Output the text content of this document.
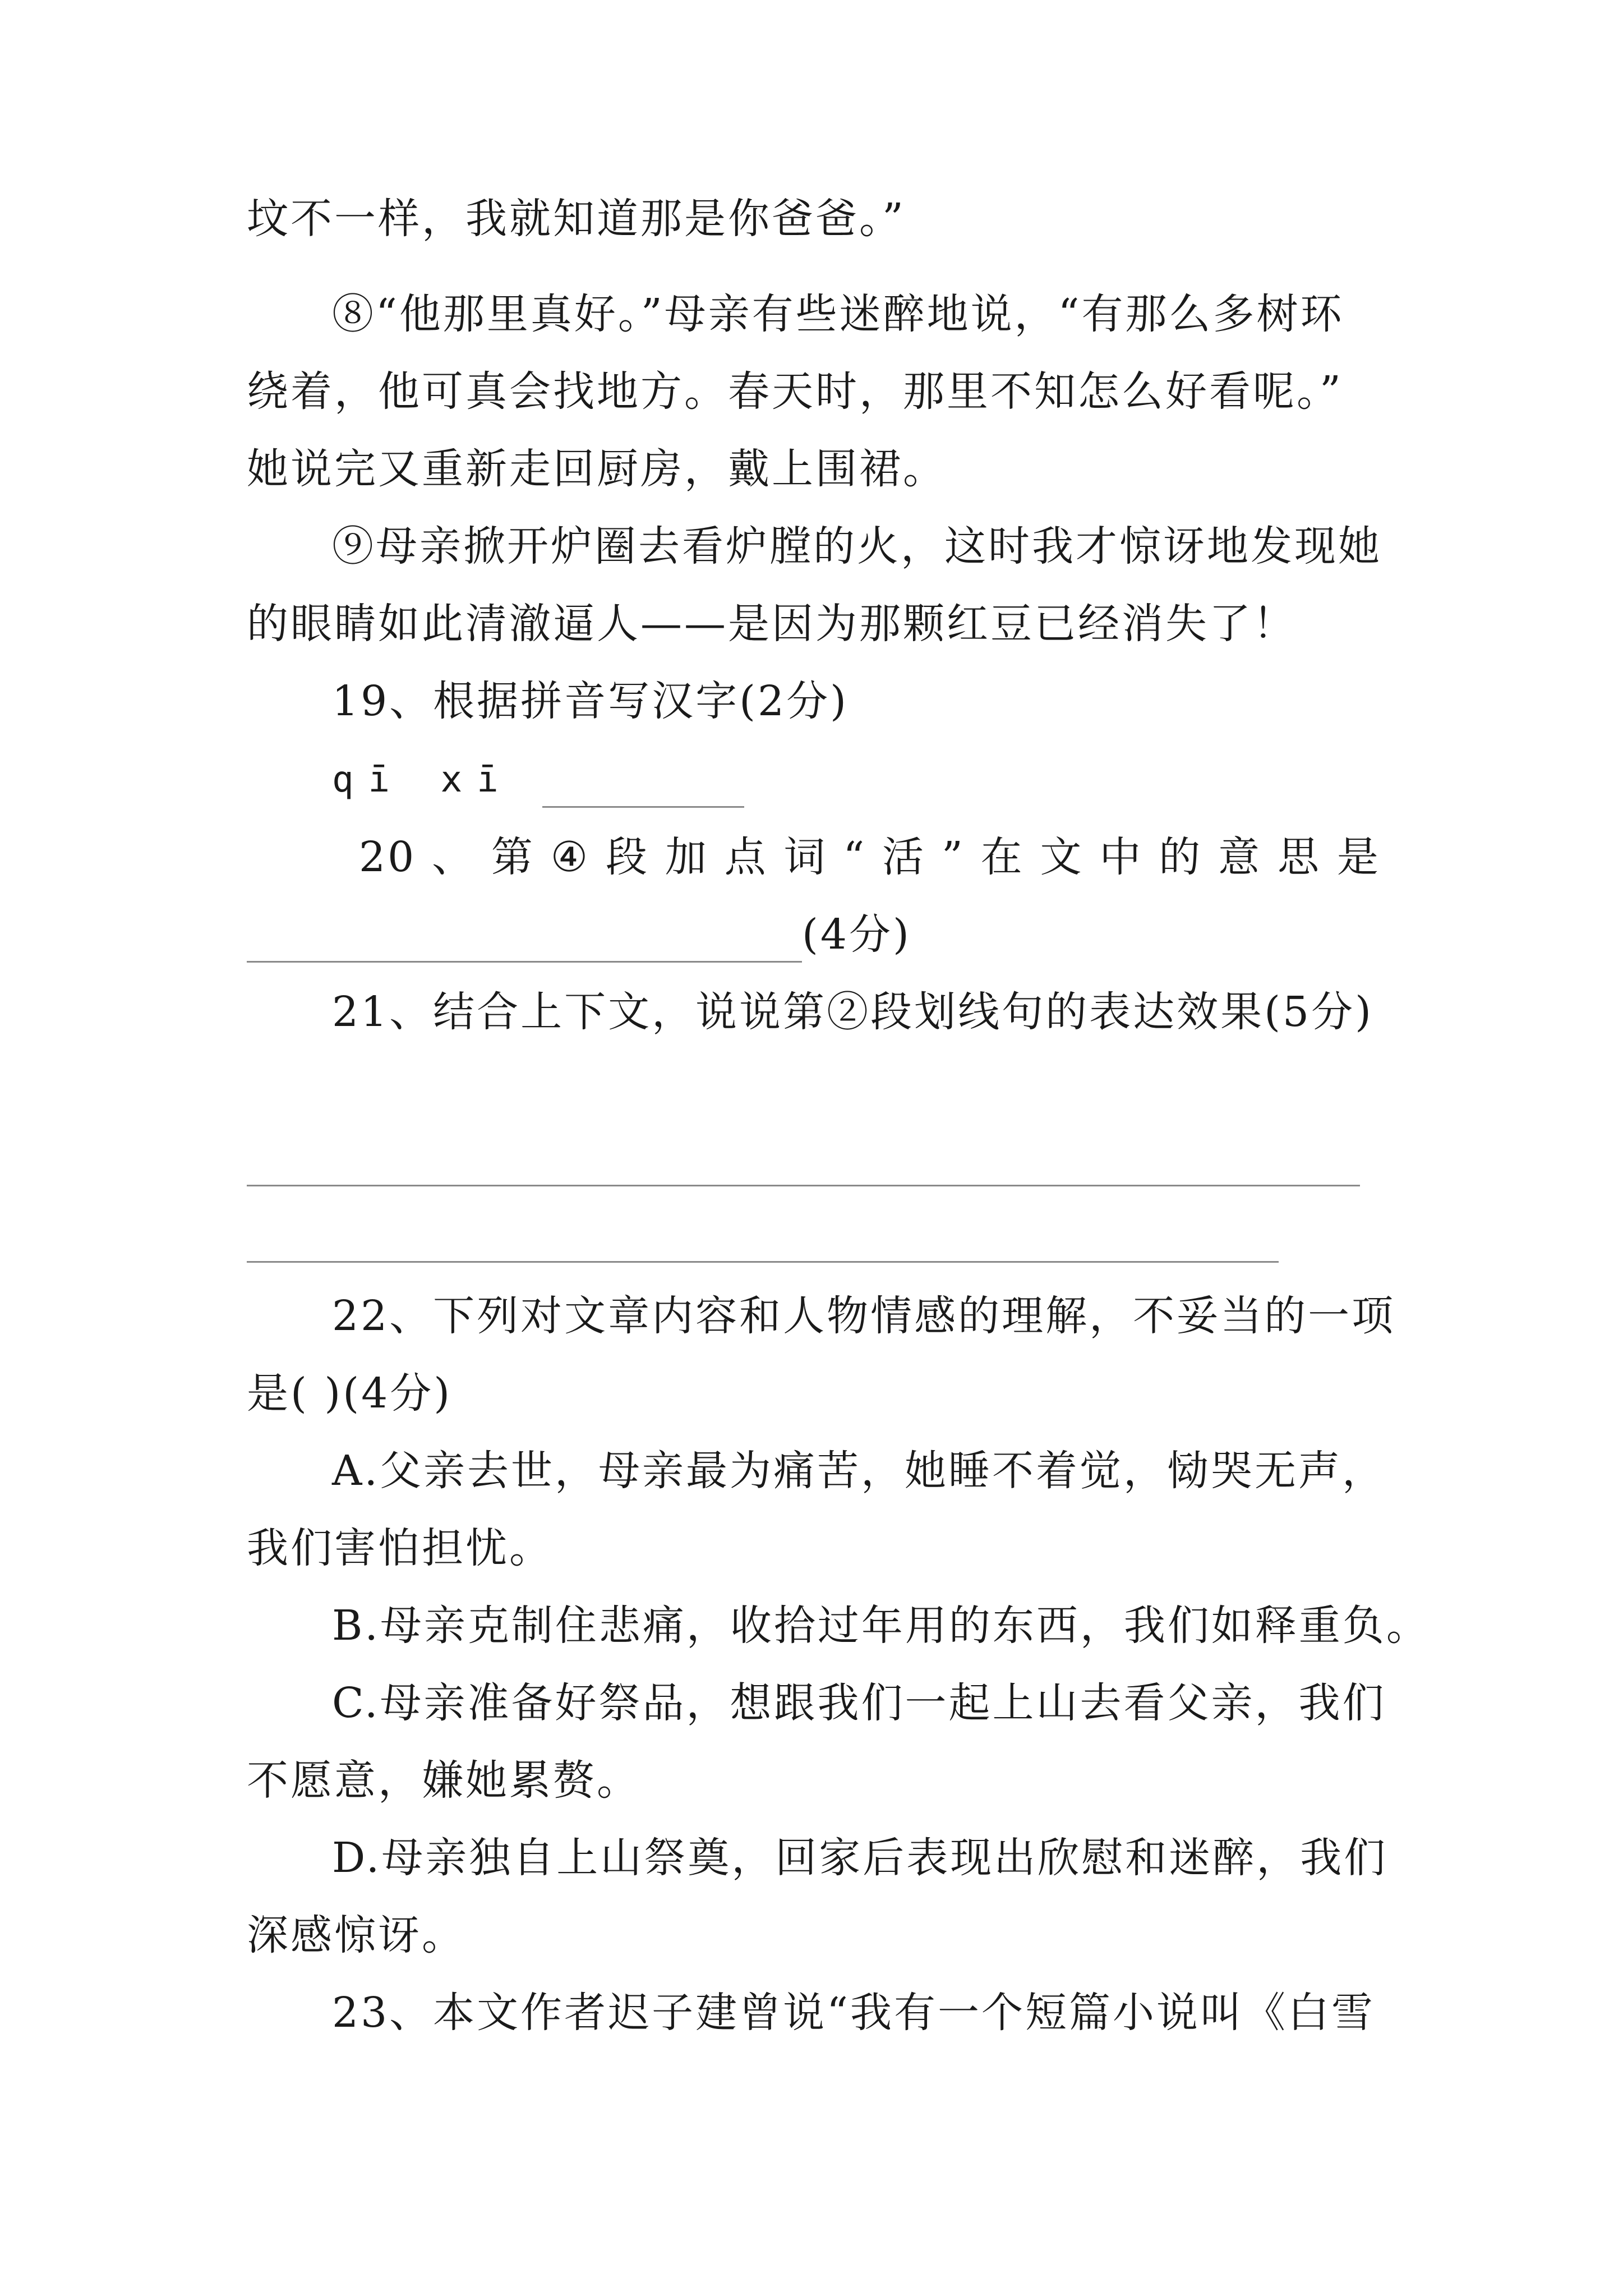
坟不一样，我就知道那是你爸爸。”
⑧“他那里真好。”母亲有些迷醉地说，“有那么多树环
绕着，他可真会找地方。春天时，那里不知怎么好看呢。”
她说完又重新走回厨房，戴上围裙。
⑨母亲掀开炉圈去看炉膛的火，这时我才惊讶地发现她
的眼睛如此清澈逼人——是因为那颗红豆已经消失了！
19、根据拼音写汉字(2分)
qī xī
20 、 第 ④ 段 加 点 词 “ 活 ” 在 文 中 的 意 思 是
(4分)
21、结合上下文，说说第②段划线句的表达效果(5分)
22、下列对文章内容和人物情感的理解，不妥当的一项
是( )(4分)
A.父亲去世，母亲最为痛苦，她睡不着觉，恸哭无声，
我们害怕担忧。
B.母亲克制住悲痛，收拾过年用的东西，我们如释重负。
C.母亲准备好祭品，想跟我们一起上山去看父亲，我们
不愿意，嫌她累赘。
D.母亲独自上山祭奠，回家后表现出欣慰和迷醉，我们
深感惊讶。
23、本文作者迟子建曾说“我有一个短篇小说叫《白雪
